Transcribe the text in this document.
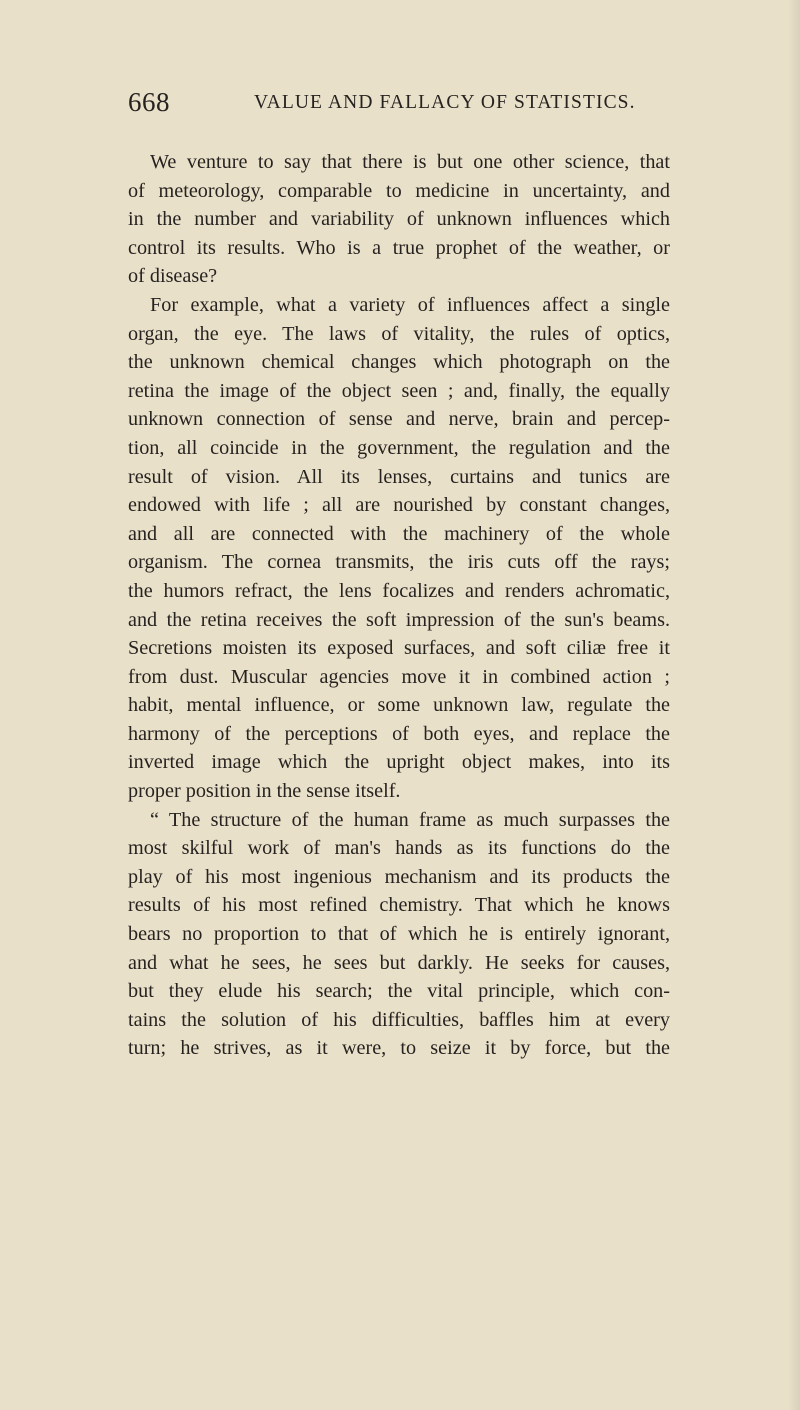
668	VALUE AND FALLACY OF STATISTICS.
We venture to say that there is but one other science, that
of meteorology, comparable to medicine in uncertainty, and
in the number and variability of unknown influences which
control its results. Who is a true prophet of the weather, or
of disease?
For example, what a variety of influences affect a single
organ, the eye. The laws of vitality, the rules of optics,
the unknown chemical changes which photograph on the
retina the image of the object seen ; and, finally, the equally
unknown connection of sense and nerve, brain and percep-
tion, all coincide in the government, the regulation and the
result of vision. All its lenses, curtains and tunics are
endowed with life ; all are nourished by constant changes,
and all are connected with the machinery of the whole
organism. The cornea transmits, the iris cuts off the rays;
the humors refract, the lens focalizes and renders achromatic,
and the retina receives the soft impression of the sun's beams.
Secretions moisten its exposed surfaces, and soft ciliæ free it
from dust. Muscular agencies move it in combined action ;
habit, mental influence, or some unknown law, regulate the
harmony of the perceptions of both eyes, and replace the
inverted image which the upright object makes, into its
proper position in the sense itself.
“ The structure of the human frame as much surpasses the
most skilful work of man's hands as its functions do the
play of his most ingenious mechanism and its products the
results of his most refined chemistry. That which he knows
bears no proportion to that of which he is entirely ignorant,
and what he sees, he sees but darkly. He seeks for causes,
but they elude his search; the vital principle, which con-
tains the solution of his difficulties, baffles him at every
turn; he strives, as it were, to seize it by force, but the
